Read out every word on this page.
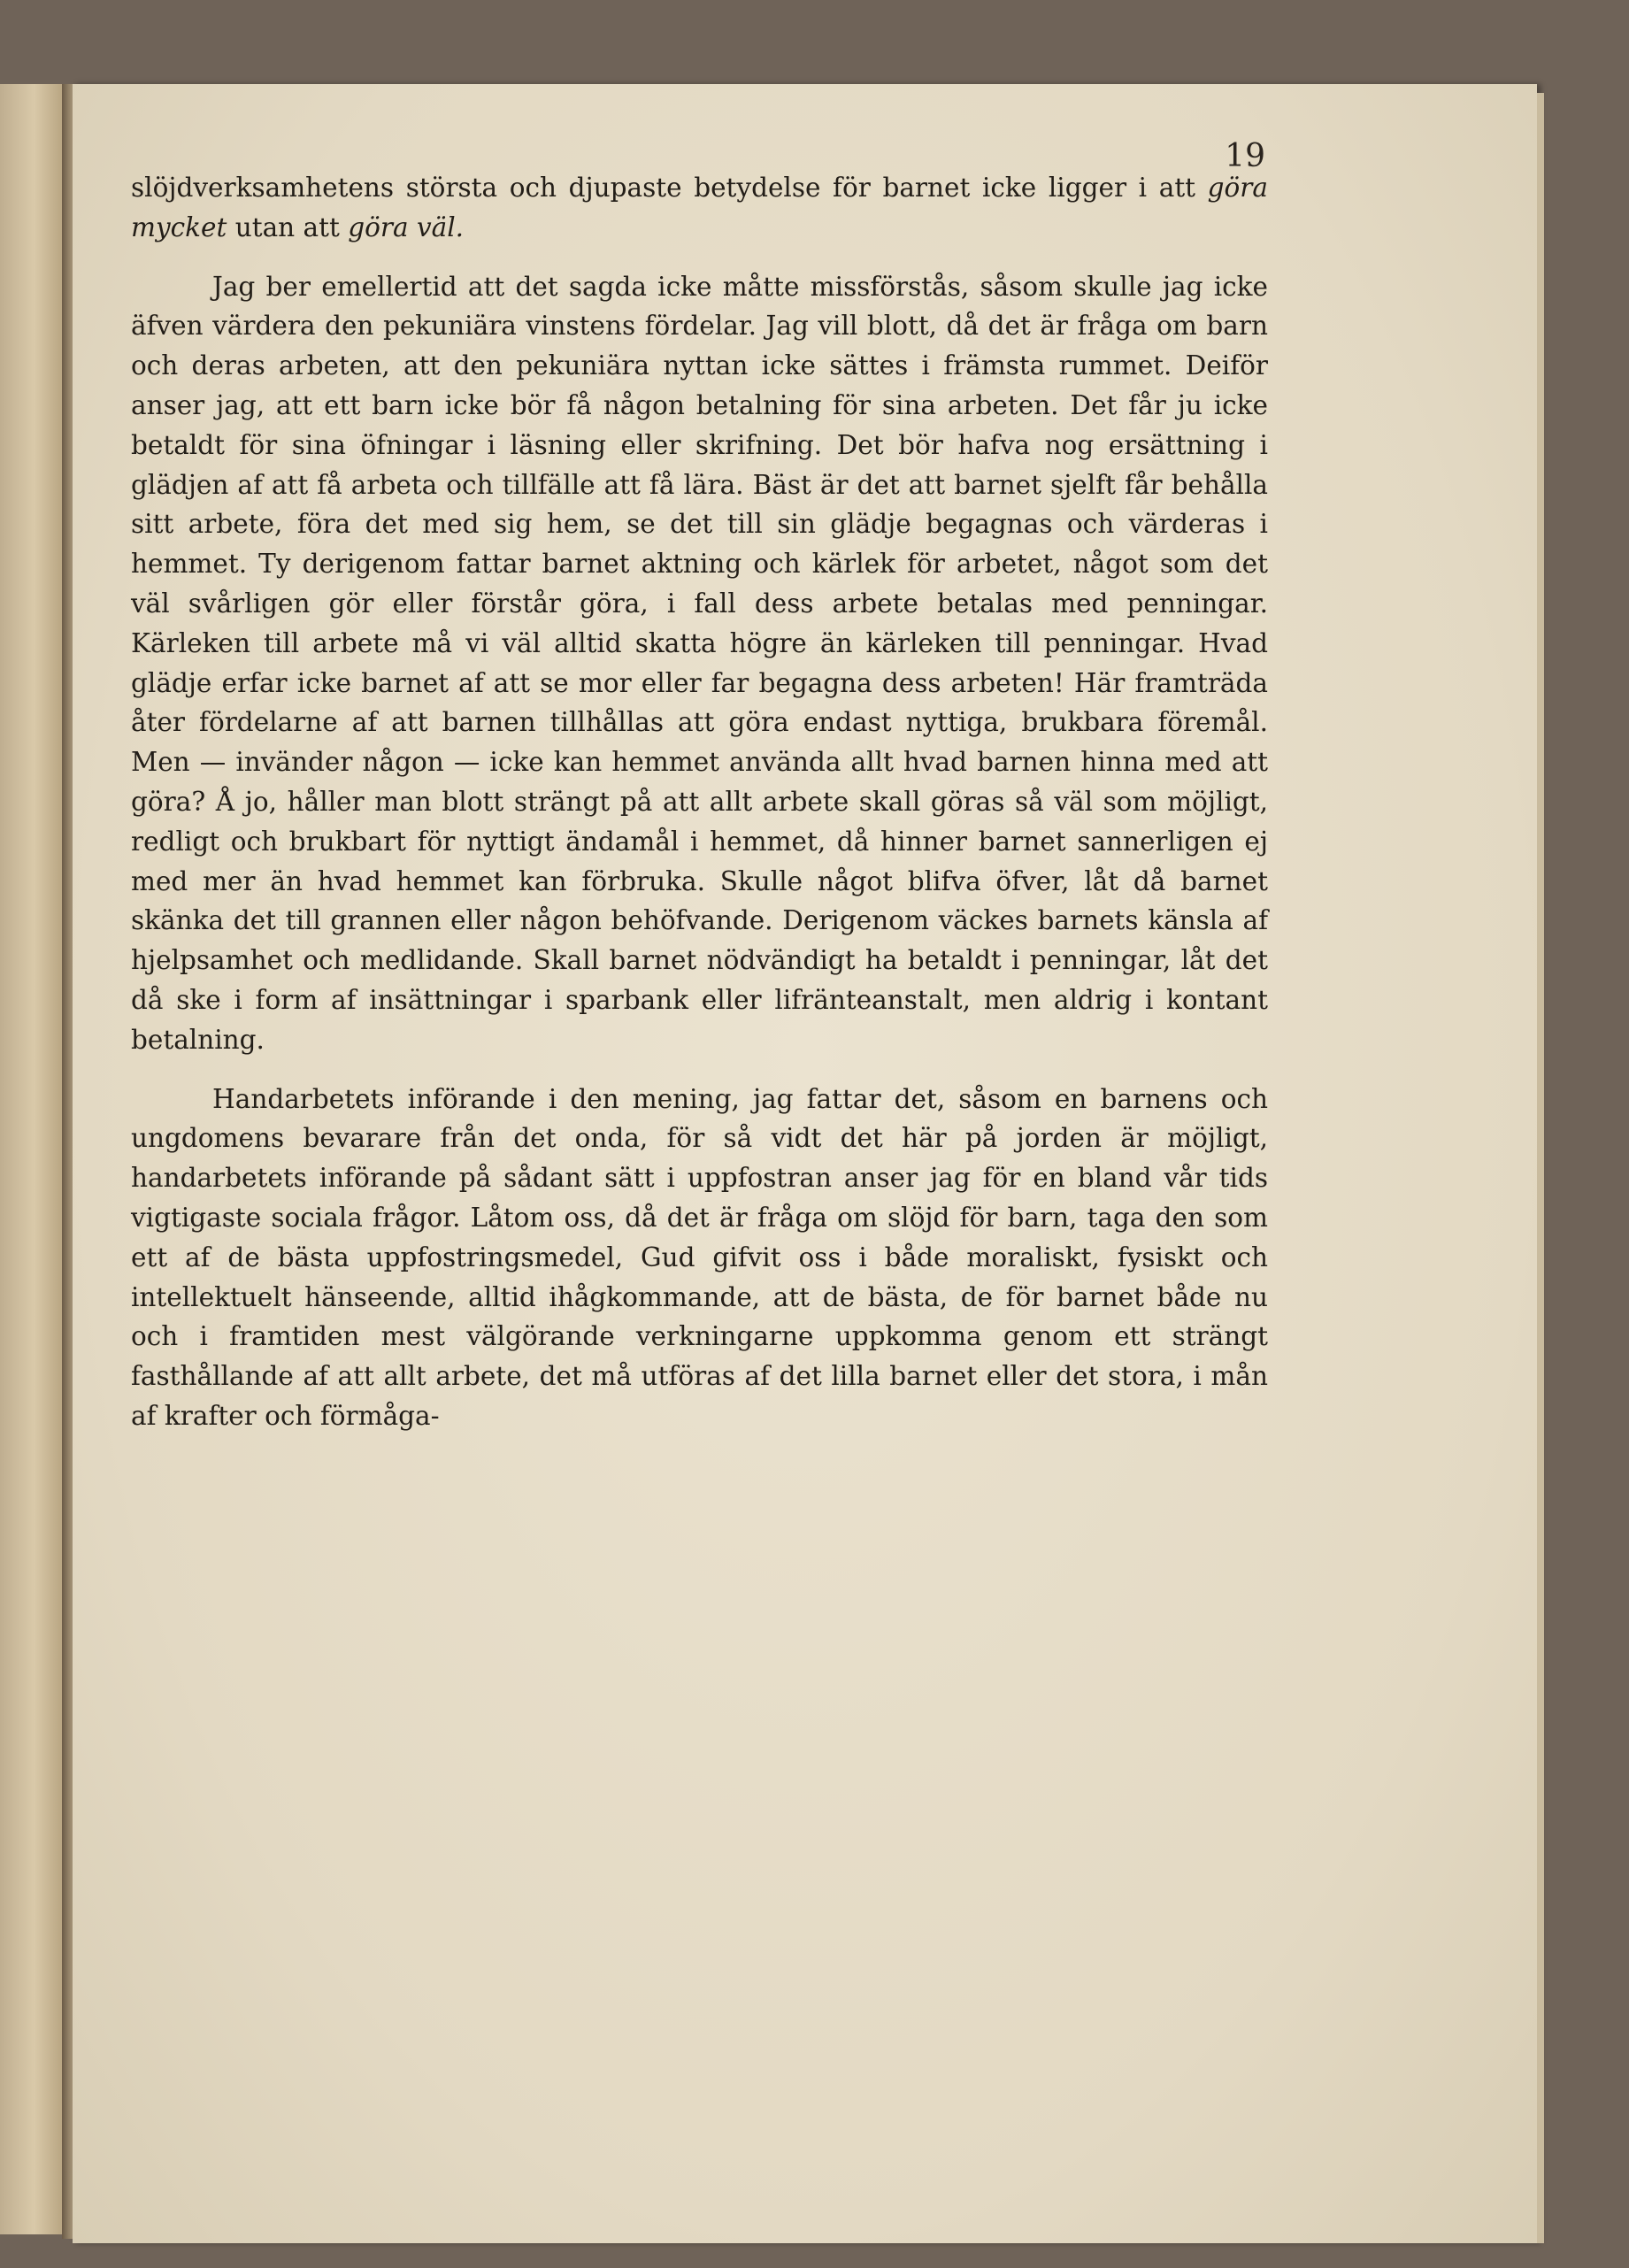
19

slöjdverksamhetens största och djupaste betydelse för barnet icke ligger i att göra mycket utan att göra väl.

Jag ber emellertid att det sagda icke måtte missförstås, såsom skulle jag icke äfven värdera den pekuniära vinstens fördelar. Jag vill blott, då det är fråga om barn och deras arbeten, att den pekuniära nyttan icke sättes i främsta rummet. Deiför anser jag, att ett barn icke bör få någon betalning för sina arbeten. Det får ju icke betaldt för sina öfningar i läsning eller skrifning. Det bör hafva nog ersättning i glädjen af att få arbeta och tillfälle att få lära. Bäst är det att barnet sjelft får behålla sitt arbete, föra det med sig hem, se det till sin glädje begagnas och värderas i hemmet. Ty derigenom fattar barnet aktning och kärlek för arbetet, något som det väl svårligen gör eller förstår göra, i fall dess arbete betalas med penningar. Kärleken till arbete må vi väl alltid skatta högre än kärleken till penningar. Hvad glädje erfar icke barnet af att se mor eller far begagna dess arbeten! Här framträda åter fördelarne af att barnen tillhållas att göra endast nyttiga, brukbara föremål. Men — invänder någon — icke kan hemmet använda allt hvad barnen hinna med att göra? Å jo, håller man blott strängt på att allt arbete skall göras så väl som möjligt, redligt och brukbart för nyttigt ändamål i hemmet, då hinner barnet sannerligen ej med mer än hvad hemmet kan förbruka. Skulle något blifva öfver, låt då barnet skänka det till grannen eller någon behöfvande. Derigenom väckes barnets känsla af hjelpsamhet och medlidande. Skall barnet nödvändigt ha betaldt i penningar, låt det då ske i form af insättningar i sparbank eller lifränteanstalt, men aldrig i kontant betalning.

Handarbetets införande i den mening, jag fattar det, såsom en barnens och ungdomens bevarare från det onda, för så vidt det här på jorden är möjligt, handarbetets införande på sådant sätt i uppfostran anser jag för en bland vår tids vigtigaste sociala frågor. Låtom oss, då det är fråga om slöjd för barn, taga den som ett af de bästa uppfostringsmedel, Gud gifvit oss i både moraliskt, fysiskt och intellektuelt hänseende, alltid ihågkommande, att de bästa, de för barnet både nu och i framtiden mest välgörande verkningarne uppkomma genom ett strängt fasthållande af att allt arbete, det må utföras af det lilla barnet eller det stora, i mån af krafter och förmåga-
